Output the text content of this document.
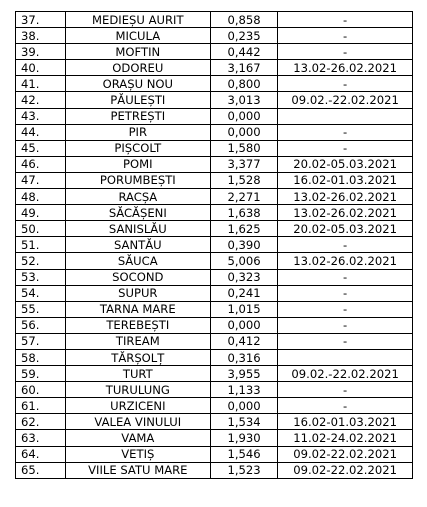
37.	MEDIEȘU AURIT	0,858	-
38.	MICULA	0,235	-
39.	MOFTIN	0,442	-
40.	ODOREU	3,167	13.02-26.02.2021
41.	ORAȘU NOU	0,800	-
42.	PĂULEȘTI	3,013	09.02.-22.02.2021
43.	PETREȘTI	0,000	
44.	PIR	0,000	-
45.	PIȘCOLT	1,580	-
46.	POMI	3,377	20.02-05.03.2021
47.	PORUMBEȘTI	1,528	16.02-01.03.2021
48.	RACȘA	2,271	13.02-26.02.2021
49.	SĂCĂȘENI	1,638	13.02-26.02.2021
50.	SANISLĂU	1,625	20.02-05.03.2021
51.	SANTĂU	0,390	-
52.	SĂUCA	5,006	13.02-26.02.2021
53.	SOCOND	0,323	-
54.	SUPUR	0,241	-
55.	TARNA MARE	1,015	-
56.	TEREBEȘTI	0,000	-
57.	TIREAM	0,412	-
58.	TĂRȘOLȚ	0,316	
59.	TURT	3,955	09.02.-22.02.2021
60.	TURULUNG	1,133	-
61.	URZICENI	0,000	-
62.	VALEA VINULUI	1,534	16.02-01.03.2021
63.	VAMA	1,930	11.02-24.02.2021
64.	VETIȘ	1,546	09.02-22.02.2021
65.	VIILE SATU MARE	1,523	09.02-22.02.2021
